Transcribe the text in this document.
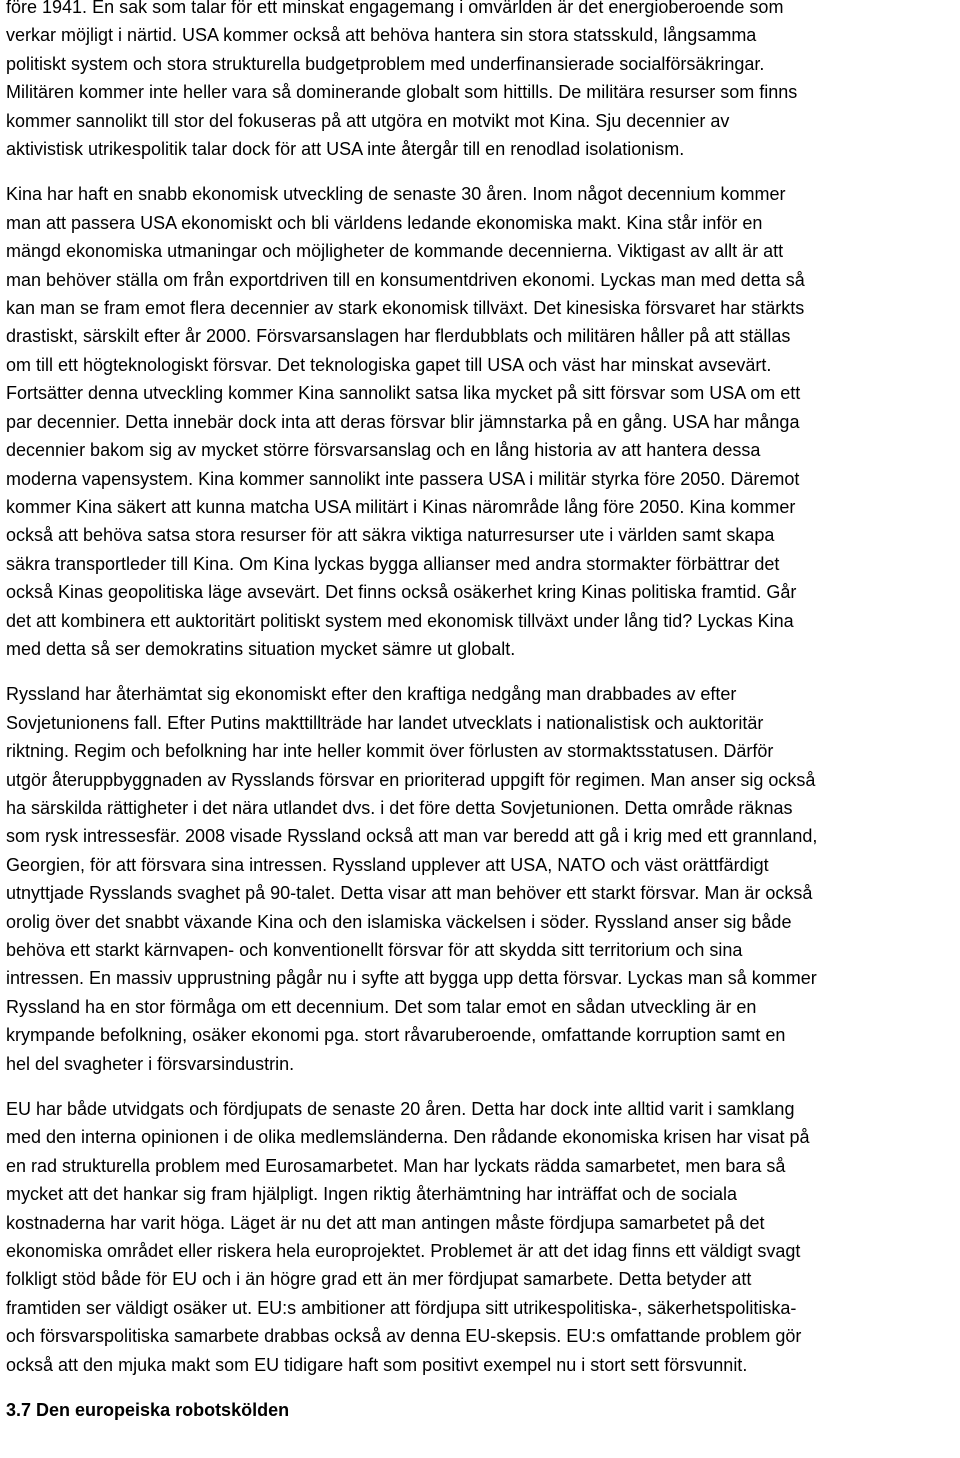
före 1941. En sak som talar för ett minskat engagemang i omvärlden är det energioberoende som
verkar möjligt i närtid. USA kommer också att behöva hantera sin stora statsskuld, långsamma
politiskt system och stora strukturella budgetproblem med underfinansierade socialförsäkringar.
Militären kommer inte heller vara så dominerande globalt som hittills. De militära resurser som finns
kommer sannolikt till stor del fokuseras på att utgöra en motvikt mot Kina. Sju decennier av
aktivistisk utrikespolitik talar dock för att USA inte återgår till en renodlad isolationism.
Kina har haft en snabb ekonomisk utveckling de senaste 30 åren. Inom något decennium kommer
man att passera USA ekonomiskt och bli världens ledande ekonomiska makt. Kina står inför en
mängd ekonomiska utmaningar och möjligheter de kommande decennierna. Viktigast av allt är att
man behöver ställa om från exportdriven till en konsumentdriven ekonomi. Lyckas man med detta så
kan man se fram emot flera decennier av stark ekonomisk tillväxt. Det kinesiska försvaret har stärkts
drastiskt, särskilt efter år 2000. Försvarsanslagen har flerdubblats och militären håller på att ställas
om till ett högteknologiskt försvar. Det teknologiska gapet till USA och väst har minskat avsevärt.
Fortsätter denna utveckling kommer Kina sannolikt satsa lika mycket på sitt försvar som USA om ett
par decennier. Detta innebär dock inta att deras försvar blir jämnstarka på en gång. USA har många
decennier bakom sig av mycket större försvarsanslag och en lång historia av att hantera dessa
moderna vapensystem. Kina kommer sannolikt inte passera USA i militär styrka före 2050. Däremot
kommer Kina säkert att kunna matcha USA militärt i Kinas närområde lång före 2050. Kina kommer
också att behöva satsa stora resurser för att säkra viktiga naturresurser ute i världen samt skapa
säkra transportleder till Kina. Om Kina lyckas bygga allianser med andra stormakter förbättrar det
också Kinas geopolitiska läge avsevärt. Det finns också osäkerhet kring Kinas politiska framtid. Går
det att kombinera ett auktoritärt politiskt system med ekonomisk tillväxt under lång tid? Lyckas Kina
med detta så ser demokratins situation mycket sämre ut globalt.
Ryssland har återhämtat sig ekonomiskt efter den kraftiga nedgång man drabbades av efter
Sovjetunionens fall. Efter Putins makttillträde har landet utvecklats i nationalistisk och auktoritär
riktning. Regim och befolkning har inte heller kommit över förlusten av stormaktsstatusen. Därför
utgör återuppbyggnaden av Rysslands försvar en prioriterad uppgift för regimen. Man anser sig också
ha särskilda rättigheter i det nära utlandet dvs. i det före detta Sovjetunionen. Detta område räknas
som rysk intressesfär. 2008 visade Ryssland också att man var beredd att gå i krig med ett grannland,
Georgien, för att försvara sina intressen. Ryssland upplever att USA, NATO och väst orättfärdigt
utnyttjade Rysslands svaghet på 90-talet. Detta visar att man behöver ett starkt försvar. Man är också
orolig över det snabbt växande Kina och den islamiska väckelsen i söder. Ryssland anser sig både
behöva ett starkt kärnvapen- och konventionellt försvar för att skydda sitt territorium och sina
intressen. En massiv upprustning pågår nu i syfte att bygga upp detta försvar. Lyckas man så kommer
Ryssland ha en stor förmåga om ett decennium. Det som talar emot en sådan utveckling är en
krympande befolkning, osäker ekonomi pga. stort råvaruberoende, omfattande korruption samt en
hel del svagheter i försvarsindustrin.
EU har både utvidgats och fördjupats de senaste 20 åren. Detta har dock inte alltid varit i samklang
med den interna opinionen i de olika medlemsländerna. Den rådande ekonomiska krisen har visat på
en rad strukturella problem med Eurosamarbetet. Man har lyckats rädda samarbetet, men bara så
mycket att det hankar sig fram hjälpligt. Ingen riktig återhämtning har inträffat och de sociala
kostnaderna har varit höga. Läget är nu det att man antingen måste fördjupa samarbetet på det
ekonomiska området eller riskera hela europrojektet. Problemet är att det idag finns ett väldigt svagt
folkligt stöd både för EU och i än högre grad ett än mer fördjupat samarbete. Detta betyder att
framtiden ser väldigt osäker ut. EU:s ambitioner att fördjupa sitt utrikespolitiska-, säkerhetspolitiska-
och försvarspolitiska samarbete drabbas också av denna EU-skepsis. EU:s omfattande problem gör
också att den mjuka makt som EU tidigare haft som positivt exempel nu i stort sett försvunnit.
3.7 Den europeiska robotskölden
